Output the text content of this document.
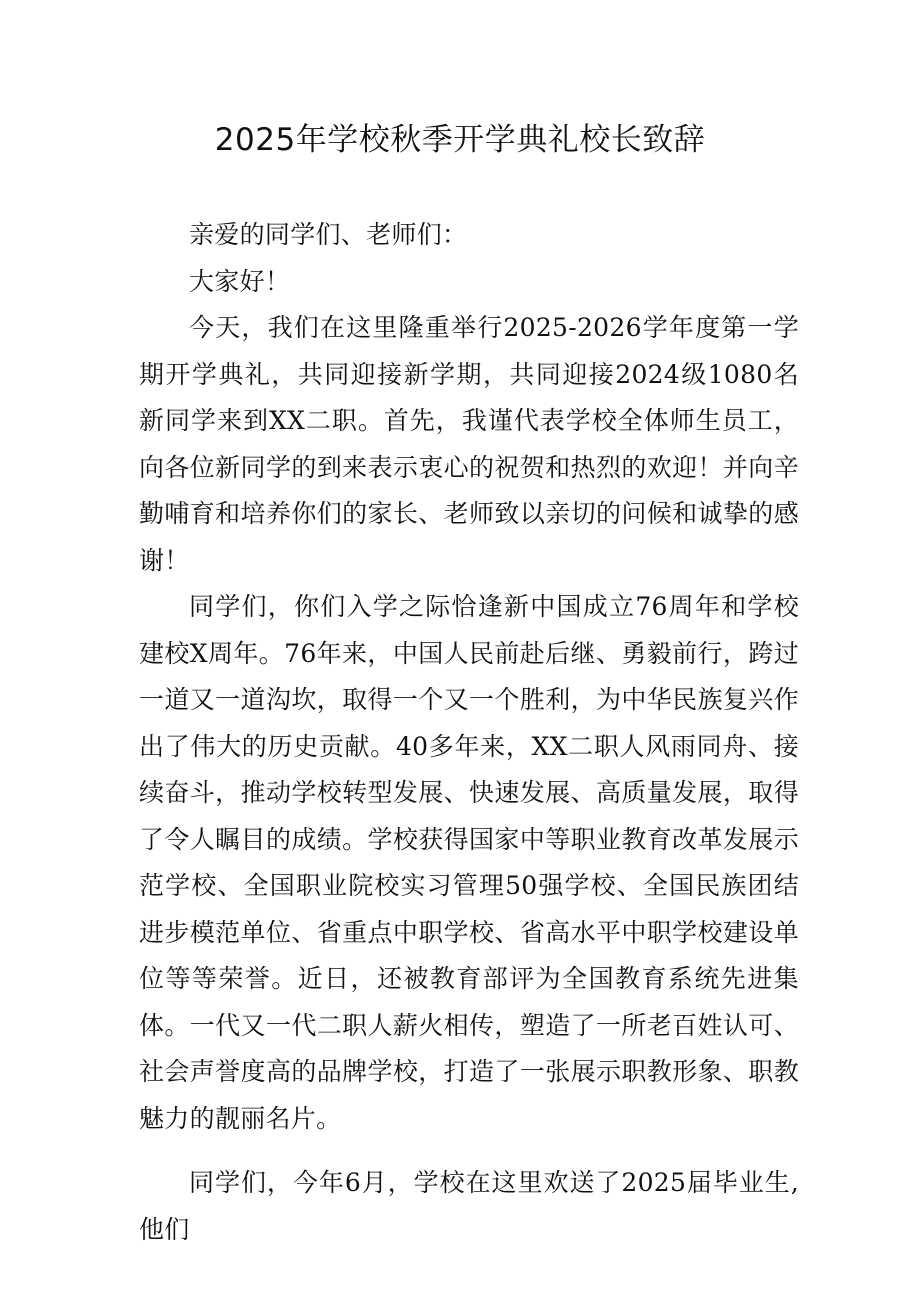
2025年学校秋季开学典礼校长致辞

亲爱的同学们、老师们：

大家好！

今天，我们在这里隆重举行2025-2026学年度第一学期开学典礼，共同迎接新学期，共同迎接2024级1080名新同学来到XX二职。首先，我谨代表学校全体师生员工，向各位新同学的到来表示衷心的祝贺和热烈的欢迎！并向辛勤哺育和培养你们的家长、老师致以亲切的问候和诚挚的感谢！

同学们，你们入学之际恰逢新中国成立76周年和学校建校X周年。76年来，中国人民前赴后继、勇毅前行，跨过一道又一道沟坎，取得一个又一个胜利，为中华民族复兴作出了伟大的历史贡献。40多年来，XX二职人风雨同舟、接续奋斗，推动学校转型发展、快速发展、高质量发展，取得了令人瞩目的成绩。学校获得国家中等职业教育改革发展示范学校、全国职业院校实习管理50强学校、全国民族团结进步模范单位、省重点中职学校、省高水平中职学校建设单位等等荣誉。近日，还被教育部评为全国教育系统先进集体。一代又一代二职人薪火相传，塑造了一所老百姓认可、社会声誉度高的品牌学校，打造了一张展示职教形象、职教魅力的靓丽名片。

同学们，今年6月，学校在这里欢送了2025届毕业生,他们
